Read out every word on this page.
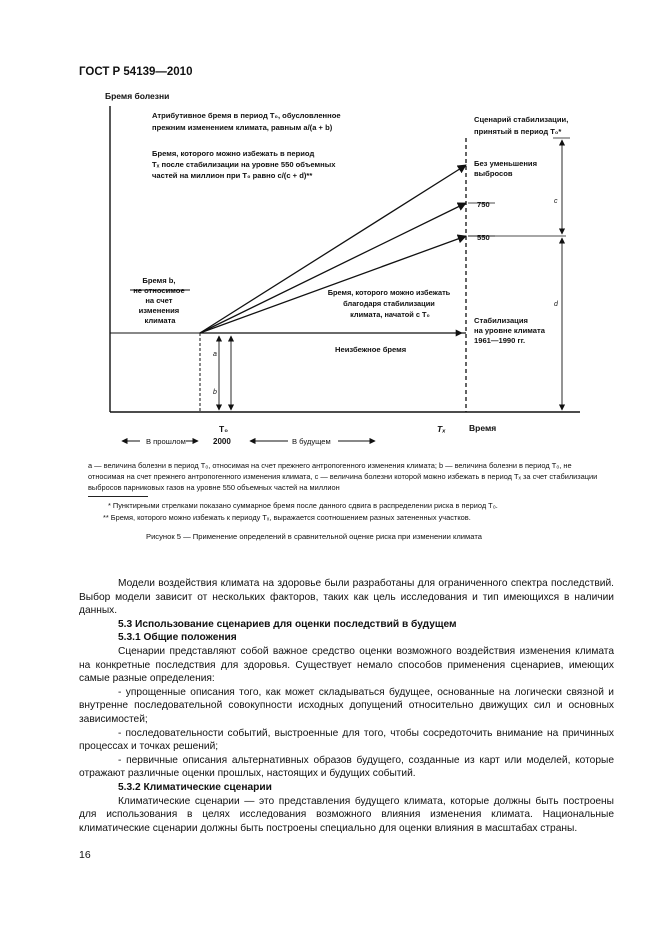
ГОСТ Р 54139—2010
Бремя болезни
Время
a
b
c
d
Атрибутивное бремя в период T₀, обусловленное прежним изменением климата, равным a/(a + b)
Бремя, которого можно избежать в период Tₓ после стабилизации на уровне 550 объемных частей на миллион при T₀ равно c/(c + d)**
Бремя b, не относимое на счет изменения климата
Бремя, которого можно избежать благодаря стабилизации климата, начатой с T₀
Неизбежное бремя
Сценарий стабилизации, принятый в период T₀*
Без уменьшения выбросов
750
550
Стабилизация на уровне климата 1961—1990 гг.
T₀
2000
Tₓ
В прошлом	В будущем

a — величина болезни в период T₀, относимая на счет прежнего антропогенного изменения климата; b — величина болезни в период T₀, не относимая на счет прежнего антропогенного изменения климата, c — величина болезни которой можно избежать в период Tₓ за счет стабилизации выбросов парниковых газов на уровне 550 объемных частей на миллион

* Пунктирными стрелками показано суммарное бремя после данного сдвига в распределении риска в период T₀.
** Бремя, которого можно избежать к периоду Tₓ, выражается соотношением разных затененных участков.
Рисунок 5 — Применение определений в сравнительной оценке риска при изменении климата

Модели воздействия климата на здоровье были разработаны для ограниченного спектра последствий. Выбор модели зависит от нескольких факторов, таких как цель исследования и тип имеющихся в наличии данных.

5.3 Использование сценариев для оценки последствий в будущем

5.3.1 Общие положения

Сценарии представляют собой важное средство оценки возможного воздействия изменения климата на конкретные последствия для здоровья. Существует немало способов применения сценариев, имеющих самые разные определения:

- упрощенные описания того, как может складываться будущее, основанные на логически связной и внутренне последовательной совокупности исходных допущений относительно движущих сил и основных зависимостей;

- последовательности событий, выстроенные для того, чтобы сосредоточить внимание на причинных процессах и точках решений;

- первичные описания альтернативных образов будущего, созданные из карт или моделей, которые отражают различные оценки прошлых, настоящих и будущих событий.

5.3.2 Климатические сценарии

Климатические сценарии — это представления будущего климата, которые должны быть построены для использования в целях исследования возможного влияния изменения климата. Национальные климатические сценарии должны быть построены специально для оценки влияния в масштабах страны.

16
